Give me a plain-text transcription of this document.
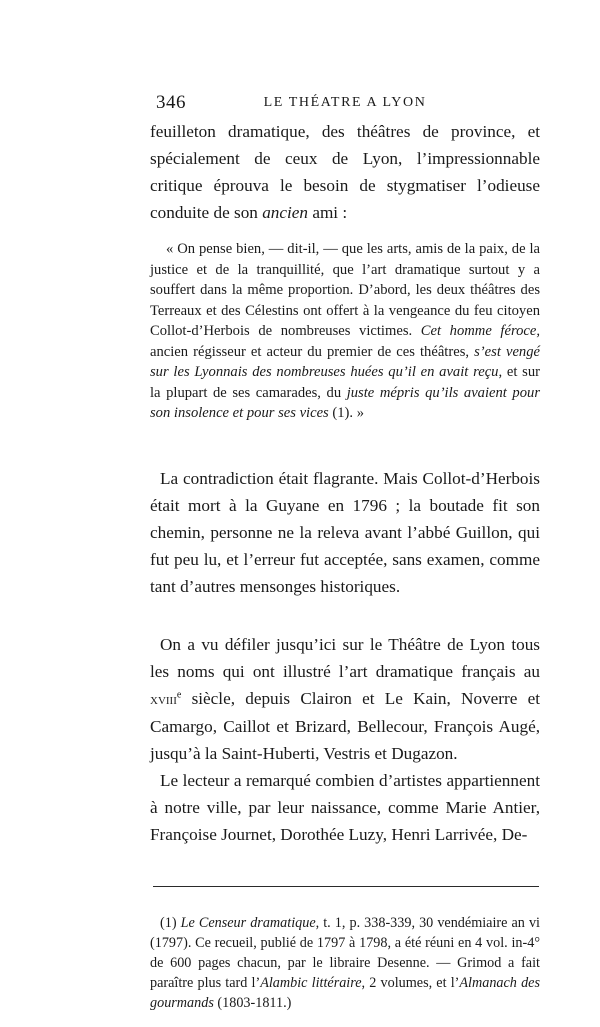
346	LE THÉATRE A LYON

feuilleton dramatique, des théâtres de province, et spécialement de ceux de Lyon, l’impressionnable critique éprouva le besoin de stygmatiser l’odieuse conduite de son ancien ami :

« On pense bien, — dit-il, — que les arts, amis de la paix, de la justice et de la tranquillité, que l’art dramatique surtout y a souffert dans la même proportion. D’abord, les deux théâtres des Terreaux et des Célestins ont offert à la vengeance du feu citoyen Collot-d’Herbois de nombreuses victimes. Cet homme féroce, ancien régisseur et acteur du premier de ces théâtres, s’est vengé sur les Lyonnais des nombreuses huées qu’il en avait reçu, et sur la plupart de ses camarades, du juste mépris qu’ils avaient pour son insolence et pour ses vices (1). »

La contradiction était flagrante. Mais Collot-d’Herbois était mort à la Guyane en 1796 ; la boutade fit son chemin, personne ne la releva avant l’abbé Guillon, qui fut peu lu, et l’erreur fut acceptée, sans examen, comme tant d’autres mensonges historiques.

On a vu défiler jusqu’ici sur le Théâtre de Lyon tous les noms qui ont illustré l’art dramatique français au xviii$^e$ siècle, depuis Clairon et Le Kain, Noverre et Camargo, Caillot et Brizard, Bellecour, François Augé, jusqu’à la Saint-Huberti, Vestris et Dugazon.

Le lecteur a remarqué combien d’artistes appartiennent à notre ville, par leur naissance, comme Marie Antier, Françoise Journet, Dorothée Luzy, Henri Larrivée, De-

(1) Le Censeur dramatique, t. 1, p. 338-339, 30 vendémiaire an vi (1797). Ce recueil, publié de 1797 à 1798, a été réuni en 4 vol. in-4° de 600 pages chacun, par le libraire Desenne. — Grimod a fait paraître plus tard l’Alambic littéraire, 2 volumes, et l’Almanach des gourmands (1803-1811.)
